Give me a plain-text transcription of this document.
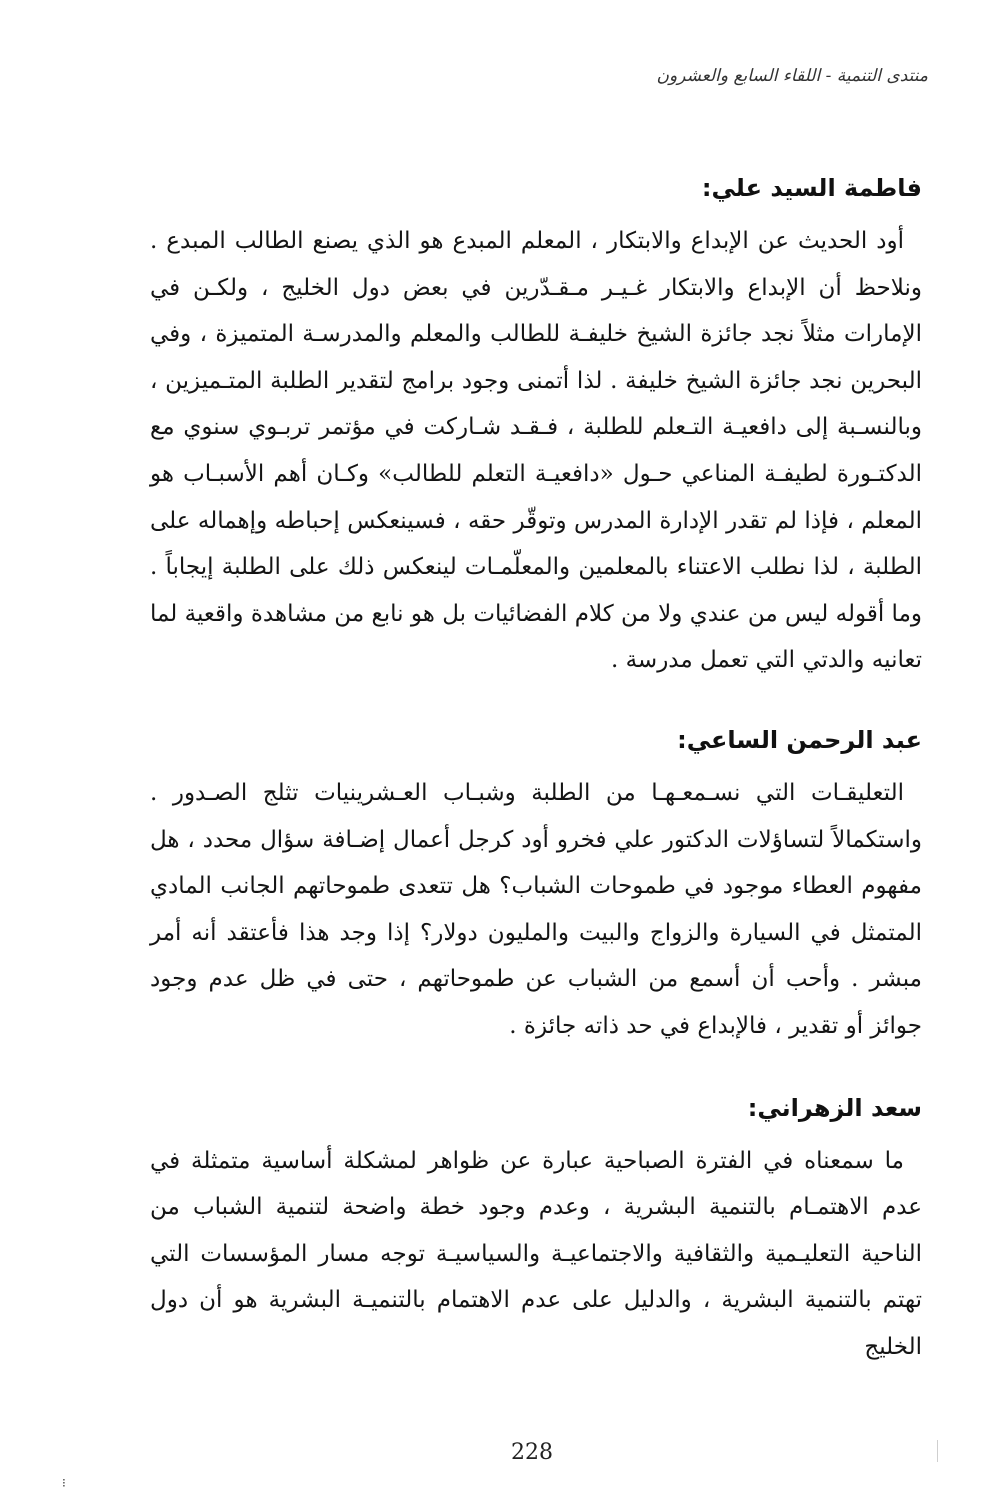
منتدى التنمية - اللقاء السابع والعشرون
فاطمة السيد علي:

أود الحديث عن الإبداع والابتكار ، المعلم المبدع هو الذي يصنع الطالب المبدع . ونلاحظ أن الإبداع والابتكار غـيـر مـقـدّرين في بعض دول الخليج ، ولكـن في الإمارات مثلاً نجد جائزة الشيخ خليفـة للطالب والمعلم والمدرسـة المتميزة ، وفي البحرين نجد جائزة الشيخ خليفة . لذا أتمنى وجود برامج لتقدير الطلبة المتـميزين ، وبالنسـبة إلى دافعيـة التـعلم للطلبة ، فـقـد شـاركت في مؤتمر تربـوي سنوي مع الدكتـورة لطيفـة المناعي حـول «دافعيـة التعلم للطالب» وكـان أهم الأسبـاب هو المعلم ، فإذا لم تقدر الإدارة المدرس وتوقّر حقه ، فسينعكس إحباطه وإهماله على الطلبة ، لذا نطلب الاعتناء بالمعلمين والمعلّمـات لينعكس ذلك على الطلبة إيجاباً . وما أقوله ليس من عندي ولا من كلام الفضائيات بل هو نابع من مشاهدة واقعية لما تعانيه والدتي التي تعمل مدرسة .

عبد الرحمن الساعي:

التعليقـات التي نسـمعـهـا من الطلبة وشبـاب العـشرينيات تثلج الصـدور . واستكمالاً لتساؤلات الدكتور علي فخرو أود كرجل أعمال إضـافة سؤال محدد ، هل مفهوم العطاء موجود في طموحات الشباب؟ هل تتعدى طموحاتهم الجانب المادي المتمثل في السيارة والزواج والبيت والمليون دولار؟ إذا وجد هذا فأعتقد أنه أمر مبشر . وأحب أن أسمع من الشباب عن طموحاتهم ، حتى في ظل عدم وجود جوائز أو تقدير ، فالإبداع في حد ذاته جائزة .

سعد الزهراني:

ما سمعناه في الفترة الصباحية عبارة عن ظواهر لمشكلة أساسية متمثلة في عدم الاهتمـام بالتنمية البشرية ، وعدم وجود خطة واضحة لتنمية الشباب من الناحية التعليـمية والثقافية والاجتماعيـة والسياسيـة توجه مسار المؤسسات التي تهتم بالتنمية البشرية ، والدليل على عدم الاهتمام بالتنميـة البشرية هو أن دول الخليج

228
⁝
